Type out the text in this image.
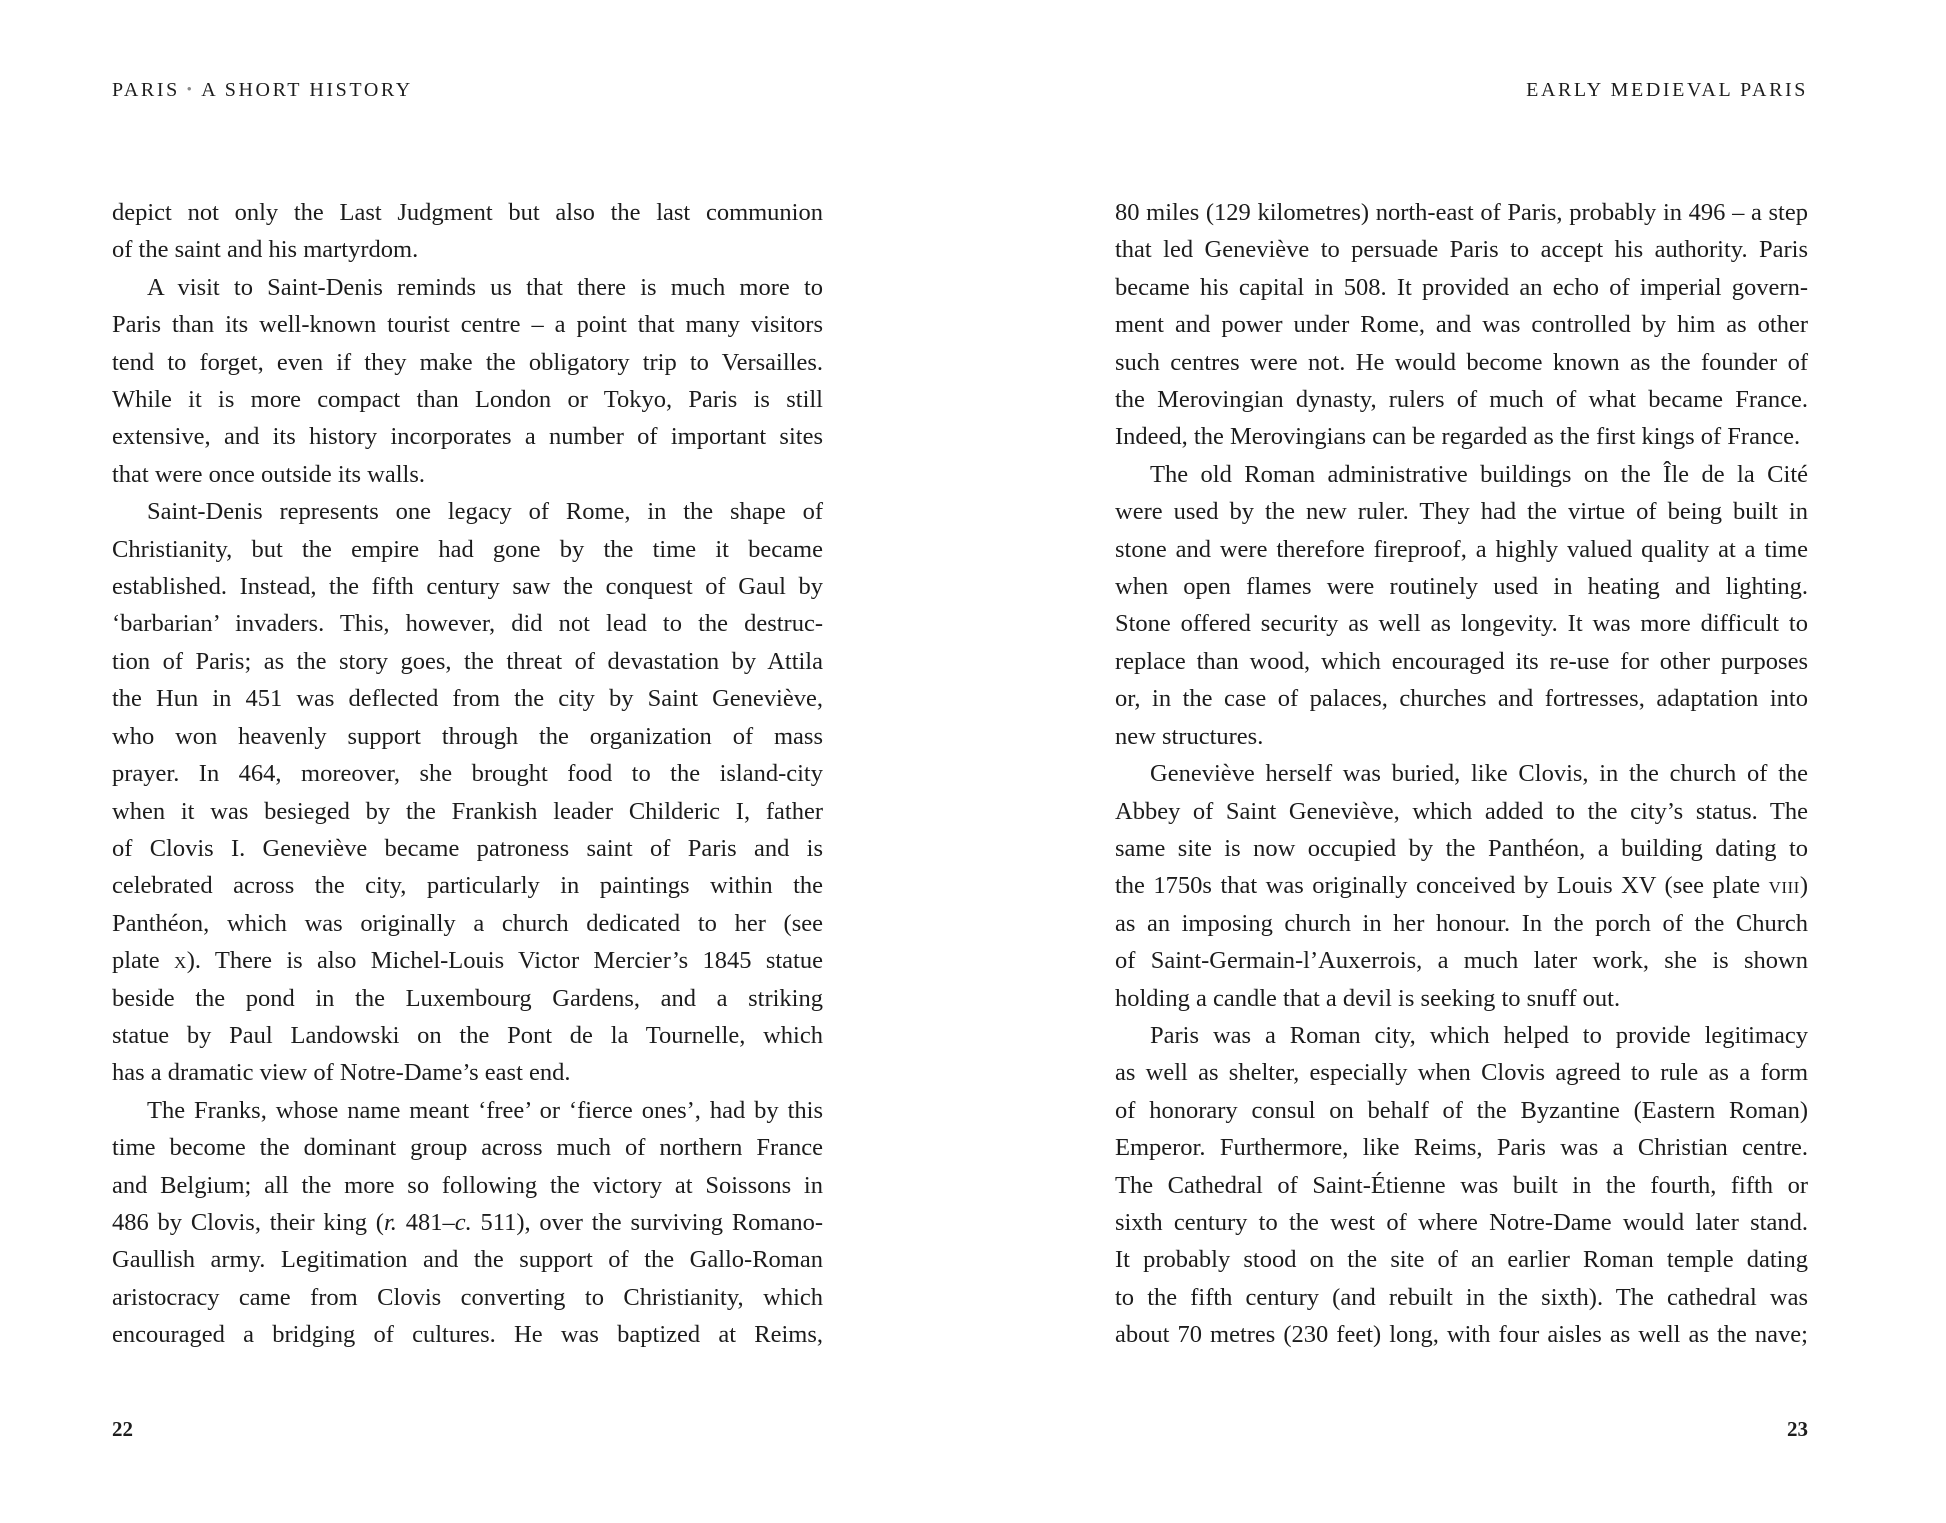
PARIS • A SHORT HISTORY	EARLY MEDIEVAL PARIS
depict not only the Last Judgment but also the last communion
of the saint and his martyrdom.
A visit to Saint-Denis reminds us that there is much more to
Paris than its well-known tourist centre – a point that many visitors
tend to forget, even if they make the obligatory trip to Versailles.
While it is more compact than London or Tokyo, Paris is still
extensive, and its history incorporates a number of important sites
that were once outside its walls.
Saint-Denis represents one legacy of Rome, in the shape of
Christianity, but the empire had gone by the time it became
established. Instead, the fifth century saw the conquest of Gaul by
‘barbarian’ invaders. This, however, did not lead to the destruc-
tion of Paris; as the story goes, the threat of devastation by Attila
the Hun in 451 was deflected from the city by Saint Geneviève,
who won heavenly support through the organization of mass
prayer. In 464, moreover, she brought food to the island-city
when it was besieged by the Frankish leader Childeric I, father
of Clovis I. Geneviève became patroness saint of Paris and is
celebrated across the city, particularly in paintings within the
Panthéon, which was originally a church dedicated to her (see
plate x). There is also Michel-Louis Victor Mercier’s 1845 statue
beside the pond in the Luxembourg Gardens, and a striking
statue by Paul Landowski on the Pont de la Tournelle, which
has a dramatic view of Notre-Dame’s east end.
The Franks, whose name meant ‘free’ or ‘fierce ones’, had by this
time become the dominant group across much of northern France
and Belgium; all the more so following the victory at Soissons in
486 by Clovis, their king (r. 481–c. 511), over the surviving Romano-
Gaullish army. Legitimation and the support of the Gallo-Roman
aristocracy came from Clovis converting to Christianity, which
encouraged a bridging of cultures. He was baptized at Reims,
80 miles (129 kilometres) north-east of Paris, probably in 496 – a step
that led Geneviève to persuade Paris to accept his authority. Paris
became his capital in 508. It provided an echo of imperial govern-
ment and power under Rome, and was controlled by him as other
such centres were not. He would become known as the founder of
the Merovingian dynasty, rulers of much of what became France.
Indeed, the Merovingians can be regarded as the first kings of France.
The old Roman administrative buildings on the Île de la Cité
were used by the new ruler. They had the virtue of being built in
stone and were therefore fireproof, a highly valued quality at a time
when open flames were routinely used in heating and lighting.
Stone offered security as well as longevity. It was more difficult to
replace than wood, which encouraged its re-use for other purposes
or, in the case of palaces, churches and fortresses, adaptation into
new structures.
Geneviève herself was buried, like Clovis, in the church of the
Abbey of Saint Geneviève, which added to the city’s status. The
same site is now occupied by the Panthéon, a building dating to
the 1750s that was originally conceived by Louis XV (see plate viii)
as an imposing church in her honour. In the porch of the Church
of Saint-Germain-l’Auxerrois, a much later work, she is shown
holding a candle that a devil is seeking to snuff out.
Paris was a Roman city, which helped to provide legitimacy
as well as shelter, especially when Clovis agreed to rule as a form
of honorary consul on behalf of the Byzantine (Eastern Roman)
Emperor. Furthermore, like Reims, Paris was a Christian centre.
The Cathedral of Saint-Étienne was built in the fourth, fifth or
sixth century to the west of where Notre-Dame would later stand.
It probably stood on the site of an earlier Roman temple dating
to the fifth century (and rebuilt in the sixth). The cathedral was
about 70 metres (230 feet) long, with four aisles as well as the nave;
22	23
